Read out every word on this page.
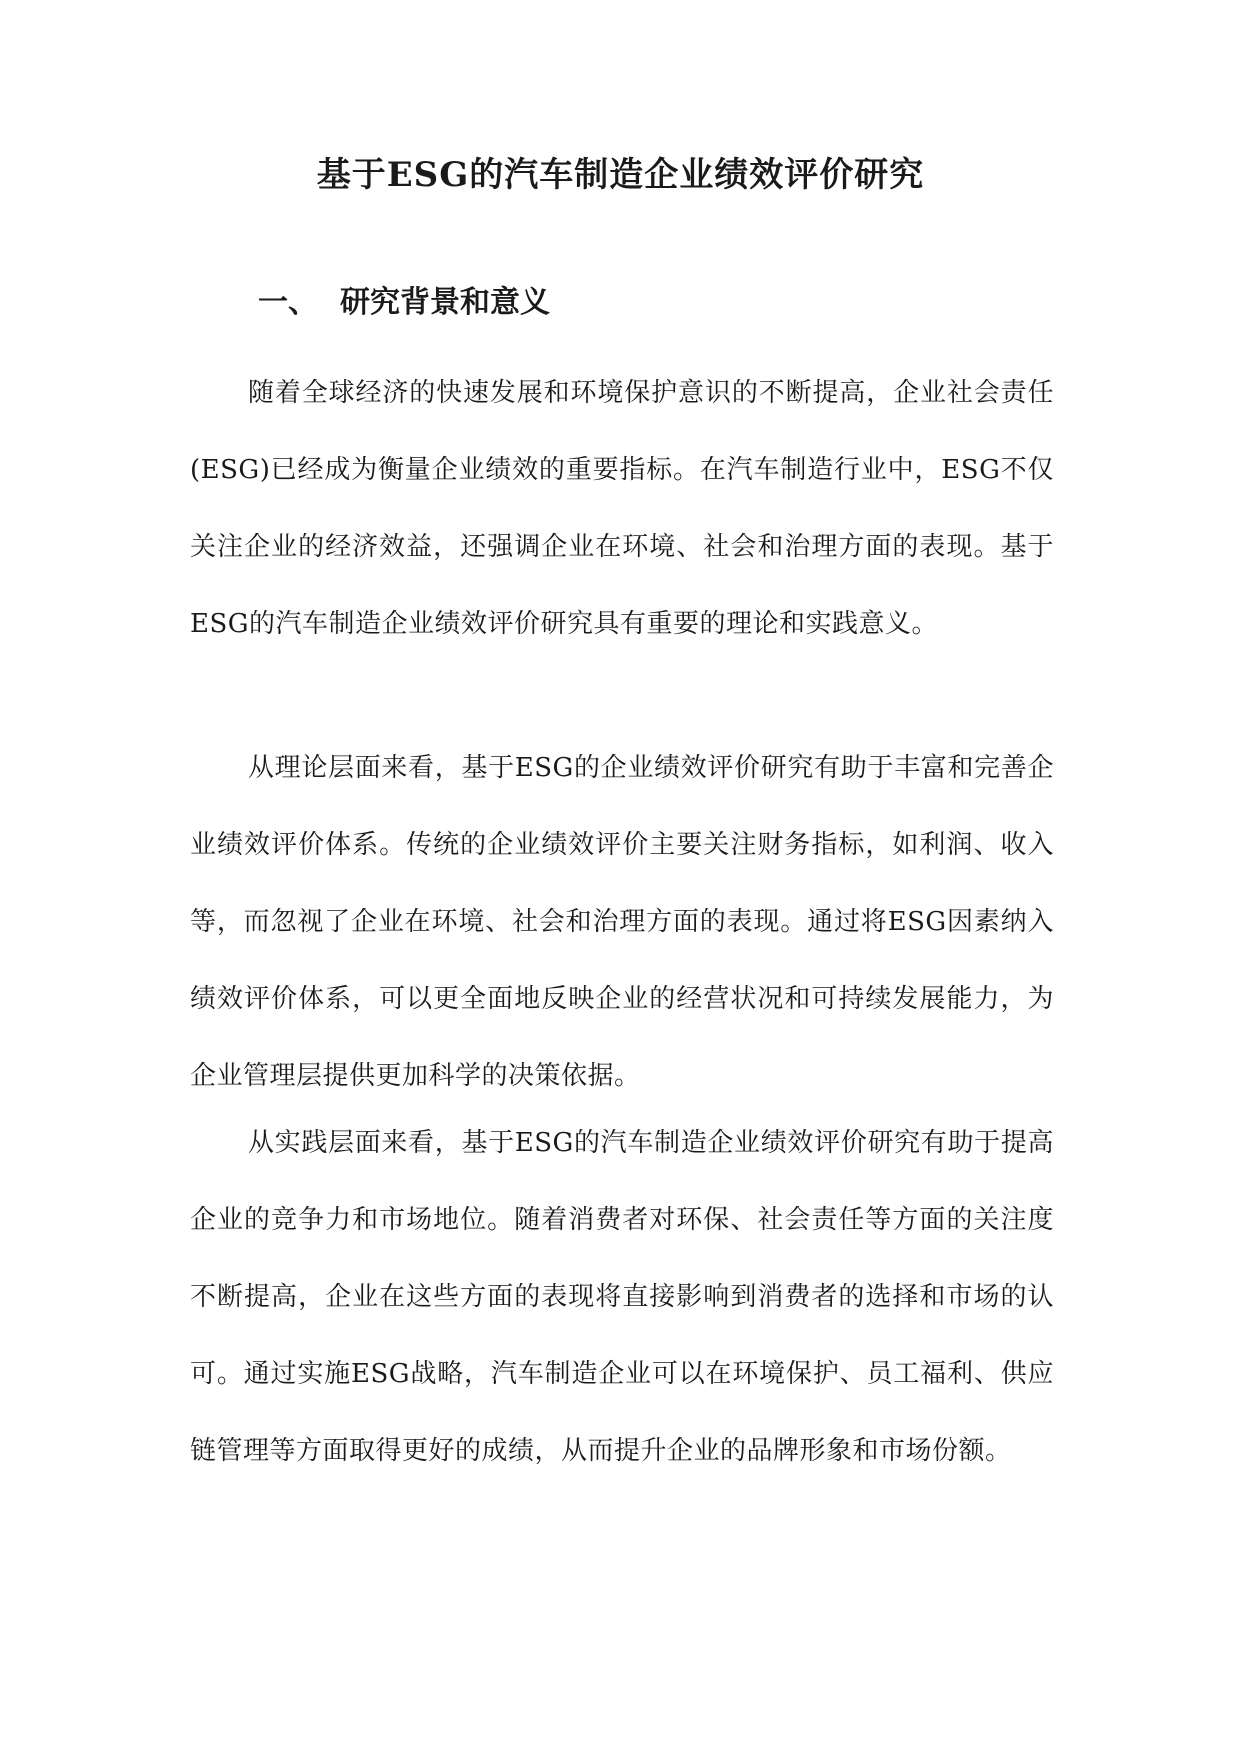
基于ESG的汽车制造企业绩效评价研究
一、 研究背景和意义

随着全球经济的快速发展和环境保护意识的不断提高，企业社会责任(ESG)已经成为衡量企业绩效的重要指标。在汽车制造行业中，ESG不仅关注企业的经济效益，还强调企业在环境、社会和治理方面的表现。基于ESG的汽车制造企业绩效评价研究具有重要的理论和实践意义。

从理论层面来看，基于ESG的企业绩效评价研究有助于丰富和完善企业绩效评价体系。传统的企业绩效评价主要关注财务指标，如利润、收入等，而忽视了企业在环境、社会和治理方面的表现。通过将ESG因素纳入绩效评价体系，可以更全面地反映企业的经营状况和可持续发展能力，为企业管理层提供更加科学的决策依据。

从实践层面来看，基于ESG的汽车制造企业绩效评价研究有助于提高企业的竞争力和市场地位。随着消费者对环保、社会责任等方面的关注度不断提高，企业在这些方面的表现将直接影响到消费者的选择和市场的认可。通过实施ESG战略，汽车制造企业可以在环境保护、员工福利、供应链管理等方面取得更好的成绩，从而提升企业的品牌形象和市场份额。
